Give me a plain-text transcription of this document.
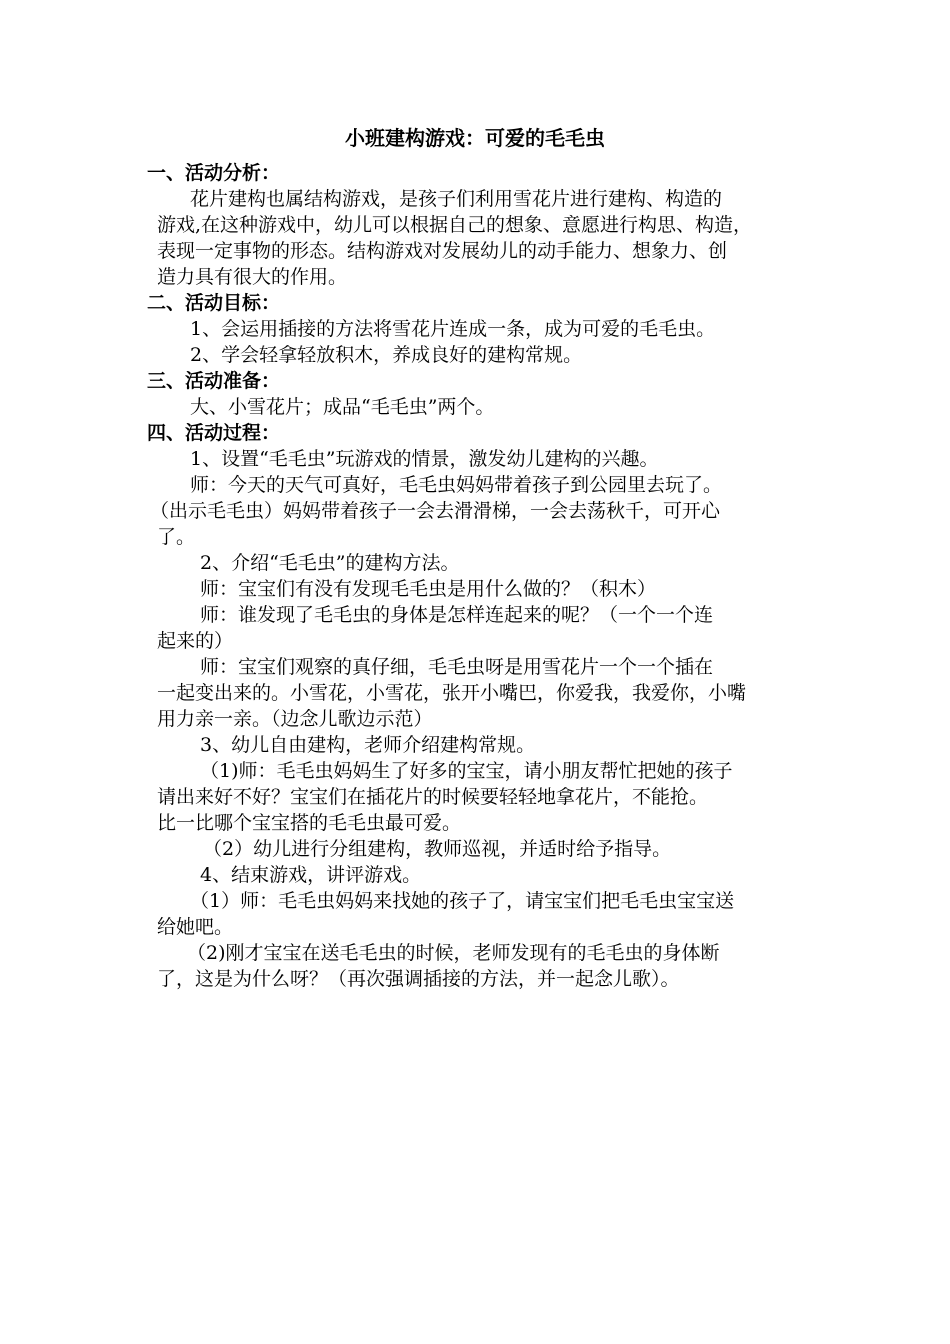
小班建构游戏：可爱的毛毛虫
一、活动分析：
花片建构也属结构游戏，是孩子们利用雪花片进行建构、构造的
游戏,在这种游戏中，幼儿可以根据自己的想象、意愿进行构思、构造，
表现一定事物的形态。结构游戏对发展幼儿的动手能力、想象力、创
造力具有很大的作用。
二、活动目标：
1、会运用插接的方法将雪花片连成一条，成为可爱的毛毛虫。
2、学会轻拿轻放积木，养成良好的建构常规。
三、活动准备：
大、小雪花片；成品“毛毛虫”两个。
四、活动过程：
1、设置“毛毛虫”玩游戏的情景，激发幼儿建构的兴趣。
师：今天的天气可真好，毛毛虫妈妈带着孩子到公园里去玩了。
（出示毛毛虫）妈妈带着孩子一会去滑滑梯，一会去荡秋千，可开心
了。
2、介绍“毛毛虫”的建构方法。
师：宝宝们有没有发现毛毛虫是用什么做的？（积木）
师：谁发现了毛毛虫的身体是怎样连起来的呢？（一个一个连
起来的）
师：宝宝们观察的真仔细，毛毛虫呀是用雪花片一个一个插在
一起变出来的。小雪花，小雪花，张开小嘴巴，你爱我，我爱你，小嘴
用力亲一亲。（边念儿歌边示范）
3、幼儿自由建构，老师介绍建构常规。
（1)师：毛毛虫妈妈生了好多的宝宝，请小朋友帮忙把她的孩子
请出来好不好？宝宝们在插花片的时候要轻轻地拿花片，不能抢。
比一比哪个宝宝搭的毛毛虫最可爱。
（2）幼儿进行分组建构，教师巡视，并适时给予指导。
4、结束游戏，讲评游戏。
（1）师：毛毛虫妈妈来找她的孩子了，请宝宝们把毛毛虫宝宝送
给她吧。
（2)刚才宝宝在送毛毛虫的时候，老师发现有的毛毛虫的身体断
了，这是为什么呀？（再次强调插接的方法，并一起念儿歌）。
